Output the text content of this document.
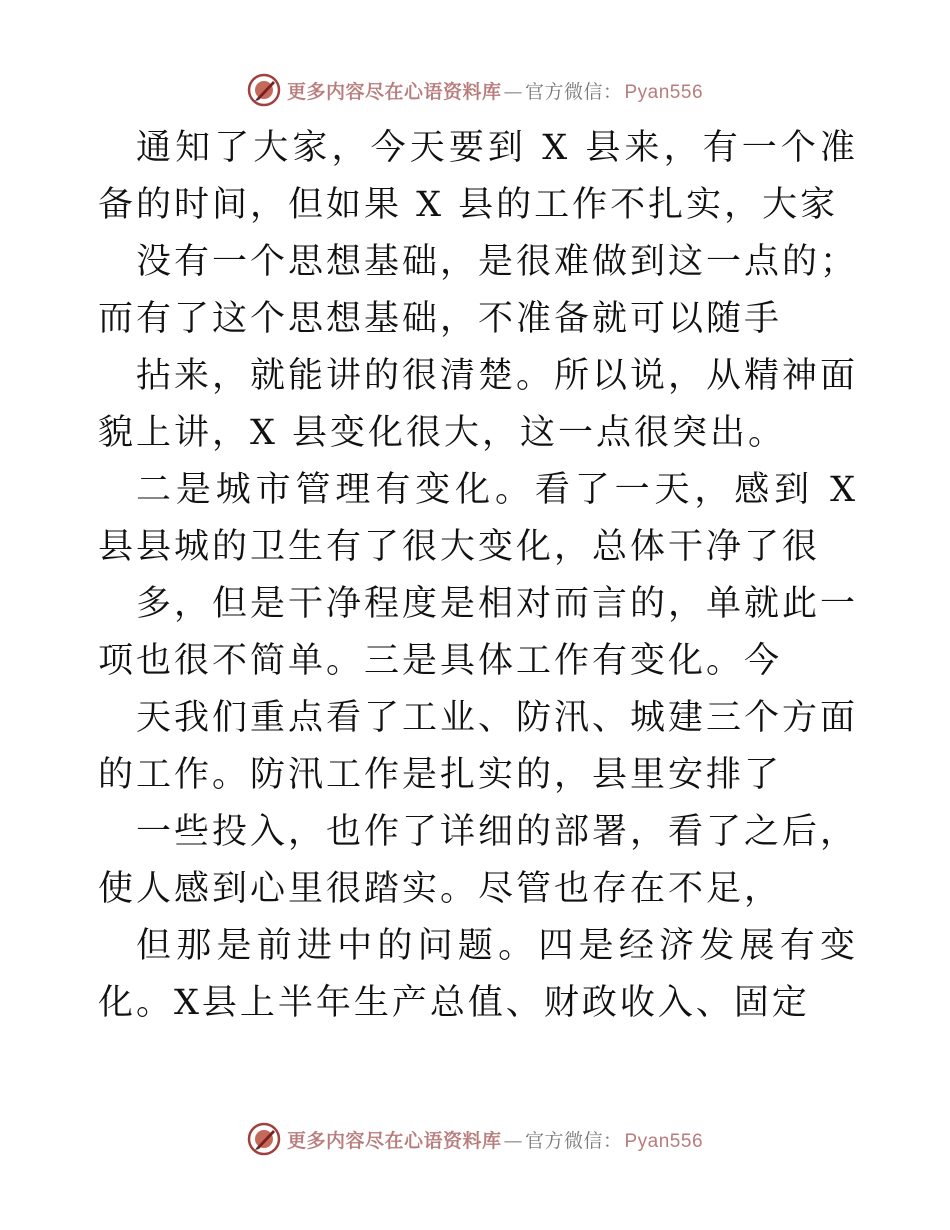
更多内容尽在心语资料库 — 官方微信： Pyan556

通知了大家，今天要到 X 县来，有一个准备的时间，但如果 X 县的工作不扎实，大家

没有一个思想基础，是很难做到这一点的；而有了这个思想基础，不准备就可以随手

拈来，就能讲的很清楚。所以说，从精神面貌上讲，X 县变化很大，这一点很突出。

二是城市管理有变化。看了一天，感到 X 县县城的卫生有了很大变化，总体干净了很

多，但是干净程度是相对而言的，单就此一项也很不简单。三是具体工作有变化。今

天我们重点看了工业、防汛、城建三个方面的工作。防汛工作是扎实的，县里安排了

一些投入，也作了详细的部署，看了之后，使人感到心里很踏实。尽管也存在不足，

但那是前进中的问题。四是经济发展有变化。X县上半年生产总值、财政收入、固定

更多内容尽在心语资料库 — 官方微信： Pyan556
